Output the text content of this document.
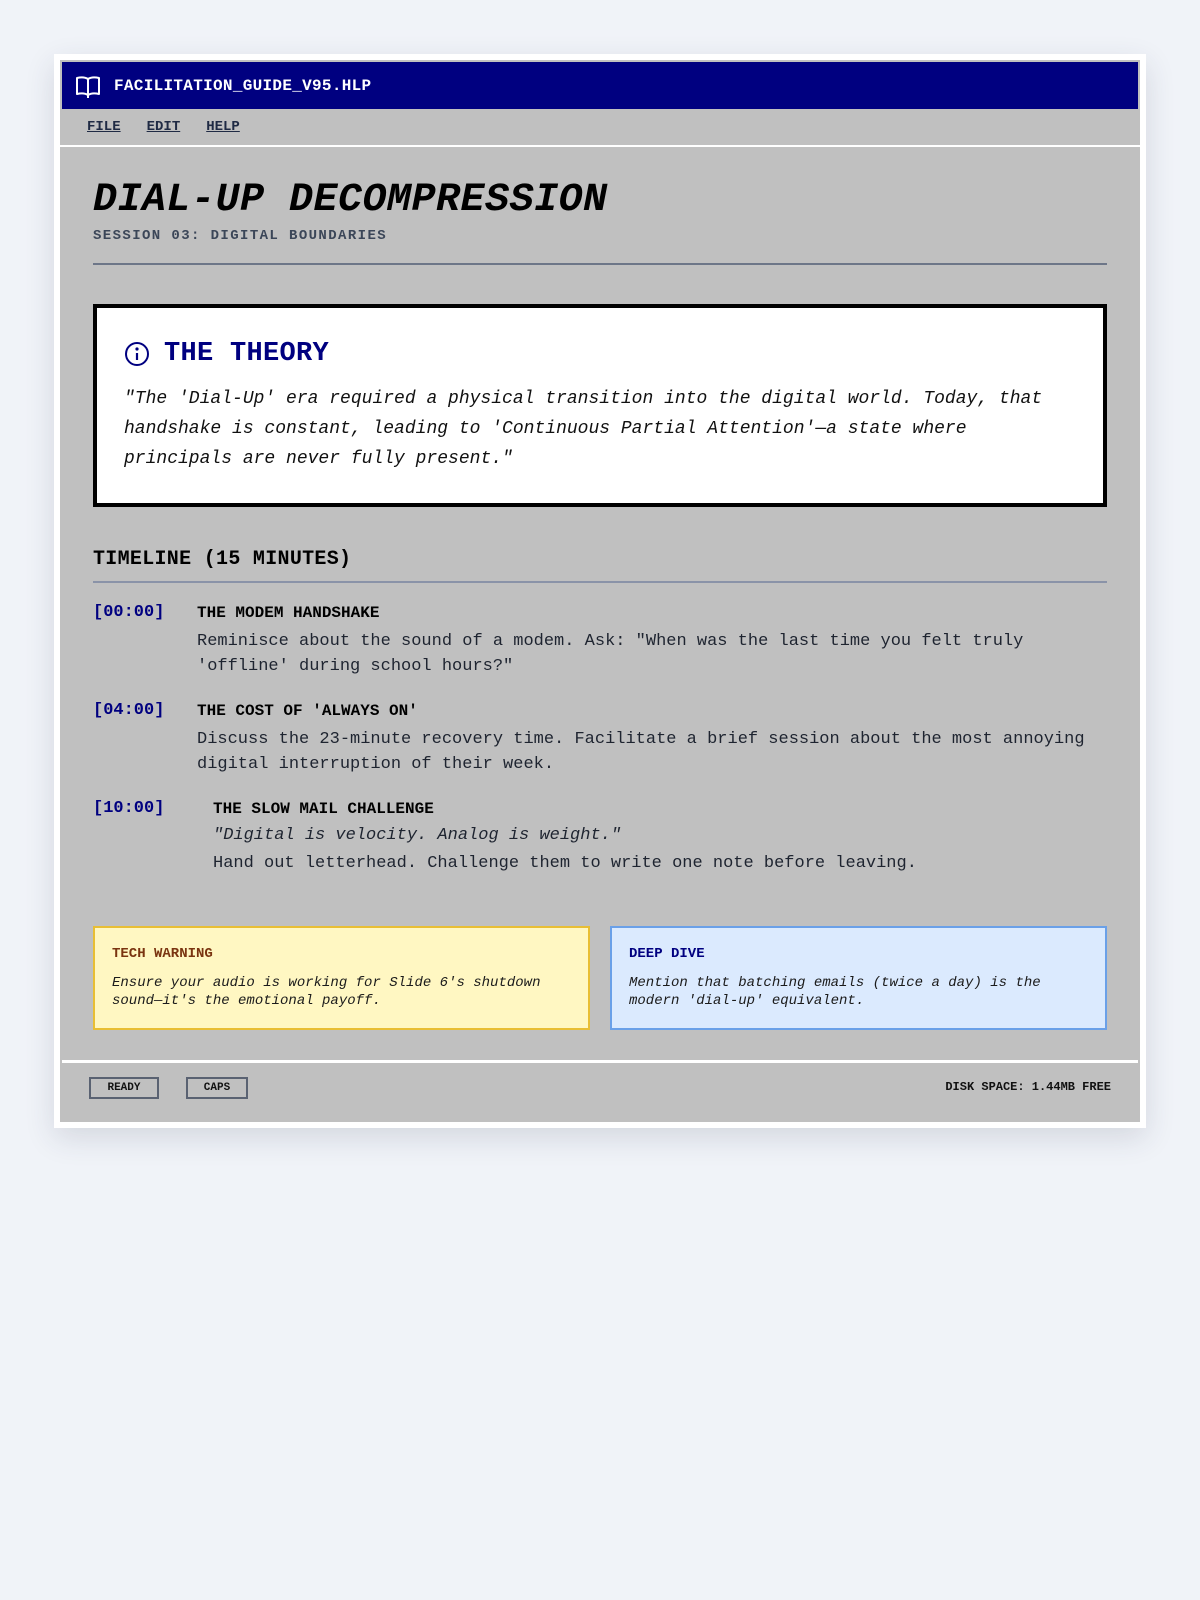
FACILITATION_GUIDE_V95.HLP
FILE EDIT HELP
DIAL-UP DECOMPRESSION
SESSION 03: DIGITAL BOUNDARIES
THE THEORY
"The 'Dial-Up' era required a physical transition into the digital world. Today, that handshake is constant, leading to 'Continuous Partial Attention'—a state where principals are never fully present."
TIMELINE (15 MINUTES)
[00:00] THE MODEM HANDSHAKE
Reminisce about the sound of a modem. Ask: "When was the last time you felt truly 'offline' during school hours?"
[04:00] THE COST OF 'ALWAYS ON'
Discuss the 23-minute recovery time. Facilitate a brief session about the most annoying digital interruption of their week.
[10:00]	THE SLOW MAIL CHALLENGE
"Digital is velocity. Analog is weight."
Hand out letterhead. Challenge them to write one note before leaving.
TECH WARNING
Ensure your audio is working for Slide 6's shutdown sound—it's the emotional payoff.
DEEP DIVE
Mention that batching emails (twice a day) is the modern 'dial-up' equivalent.
READY	CAPS	DISK SPACE: 1.44MB FREE
